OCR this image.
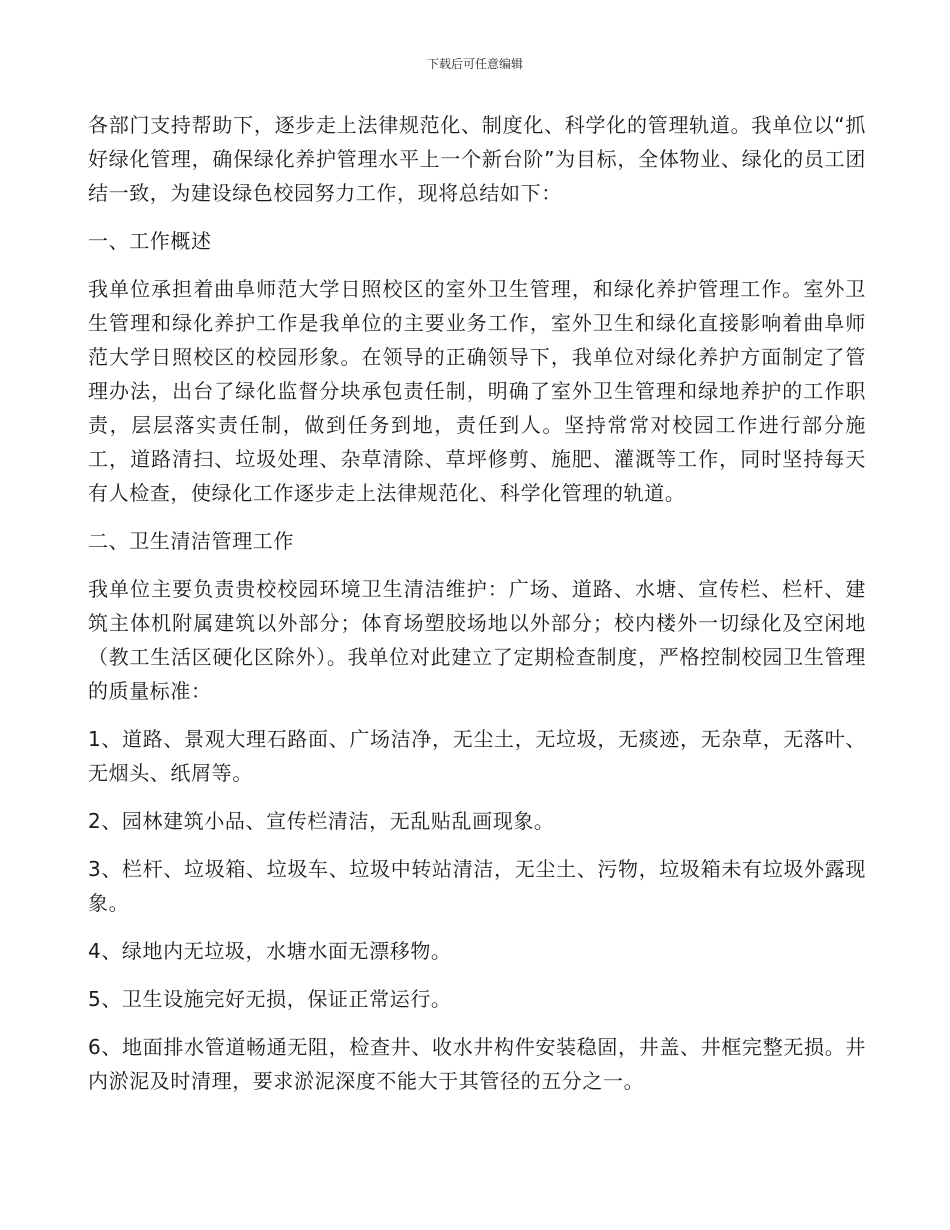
下载后可任意编辑

各部门支持帮助下，逐步走上法律规范化、制度化、科学化的管理轨道。我单位以“抓好绿化管理，确保绿化养护管理水平上一个新台阶”为目标，全体物业、绿化的员工团结一致，为建设绿色校园努力工作，现将总结如下：

一、工作概述

我单位承担着曲阜师范大学日照校区的室外卫生管理，和绿化养护管理工作。室外卫生管理和绿化养护工作是我单位的主要业务工作，室外卫生和绿化直接影响着曲阜师范大学日照校区的校园形象。在领导的正确领导下，我单位对绿化养护方面制定了管理办法，出台了绿化监督分块承包责任制，明确了室外卫生管理和绿地养护的工作职责，层层落实责任制，做到任务到地，责任到人。坚持常常对校园工作进行部分施工，道路清扫、垃圾处理、杂草清除、草坪修剪、施肥、灌溉等工作，同时坚持每天有人检查，使绿化工作逐步走上法律规范化、科学化管理的轨道。

二、卫生清洁管理工作

我单位主要负责贵校校园环境卫生清洁维护：广场、道路、水塘、宣传栏、栏杆、建筑主体机附属建筑以外部分；体育场塑胶场地以外部分；校内楼外一切绿化及空闲地（教工生活区硬化区除外）。我单位对此建立了定期检查制度，严格控制校园卫生管理的质量标准：

1、道路、景观大理石路面、广场洁净，无尘土，无垃圾，无痰迹，无杂草，无落叶、无烟头、纸屑等。

2、园林建筑小品、宣传栏清洁，无乱贴乱画现象。

3、栏杆、垃圾箱、垃圾车、垃圾中转站清洁，无尘土、污物，垃圾箱未有垃圾外露现象。

4、绿地内无垃圾，水塘水面无漂移物。

5、卫生设施完好无损，保证正常运行。

6、地面排水管道畅通无阻，检查井、收水井构件安装稳固，井盖、井框完整无损。井内淤泥及时清理，要求淤泥深度不能大于其管径的五分之一。
